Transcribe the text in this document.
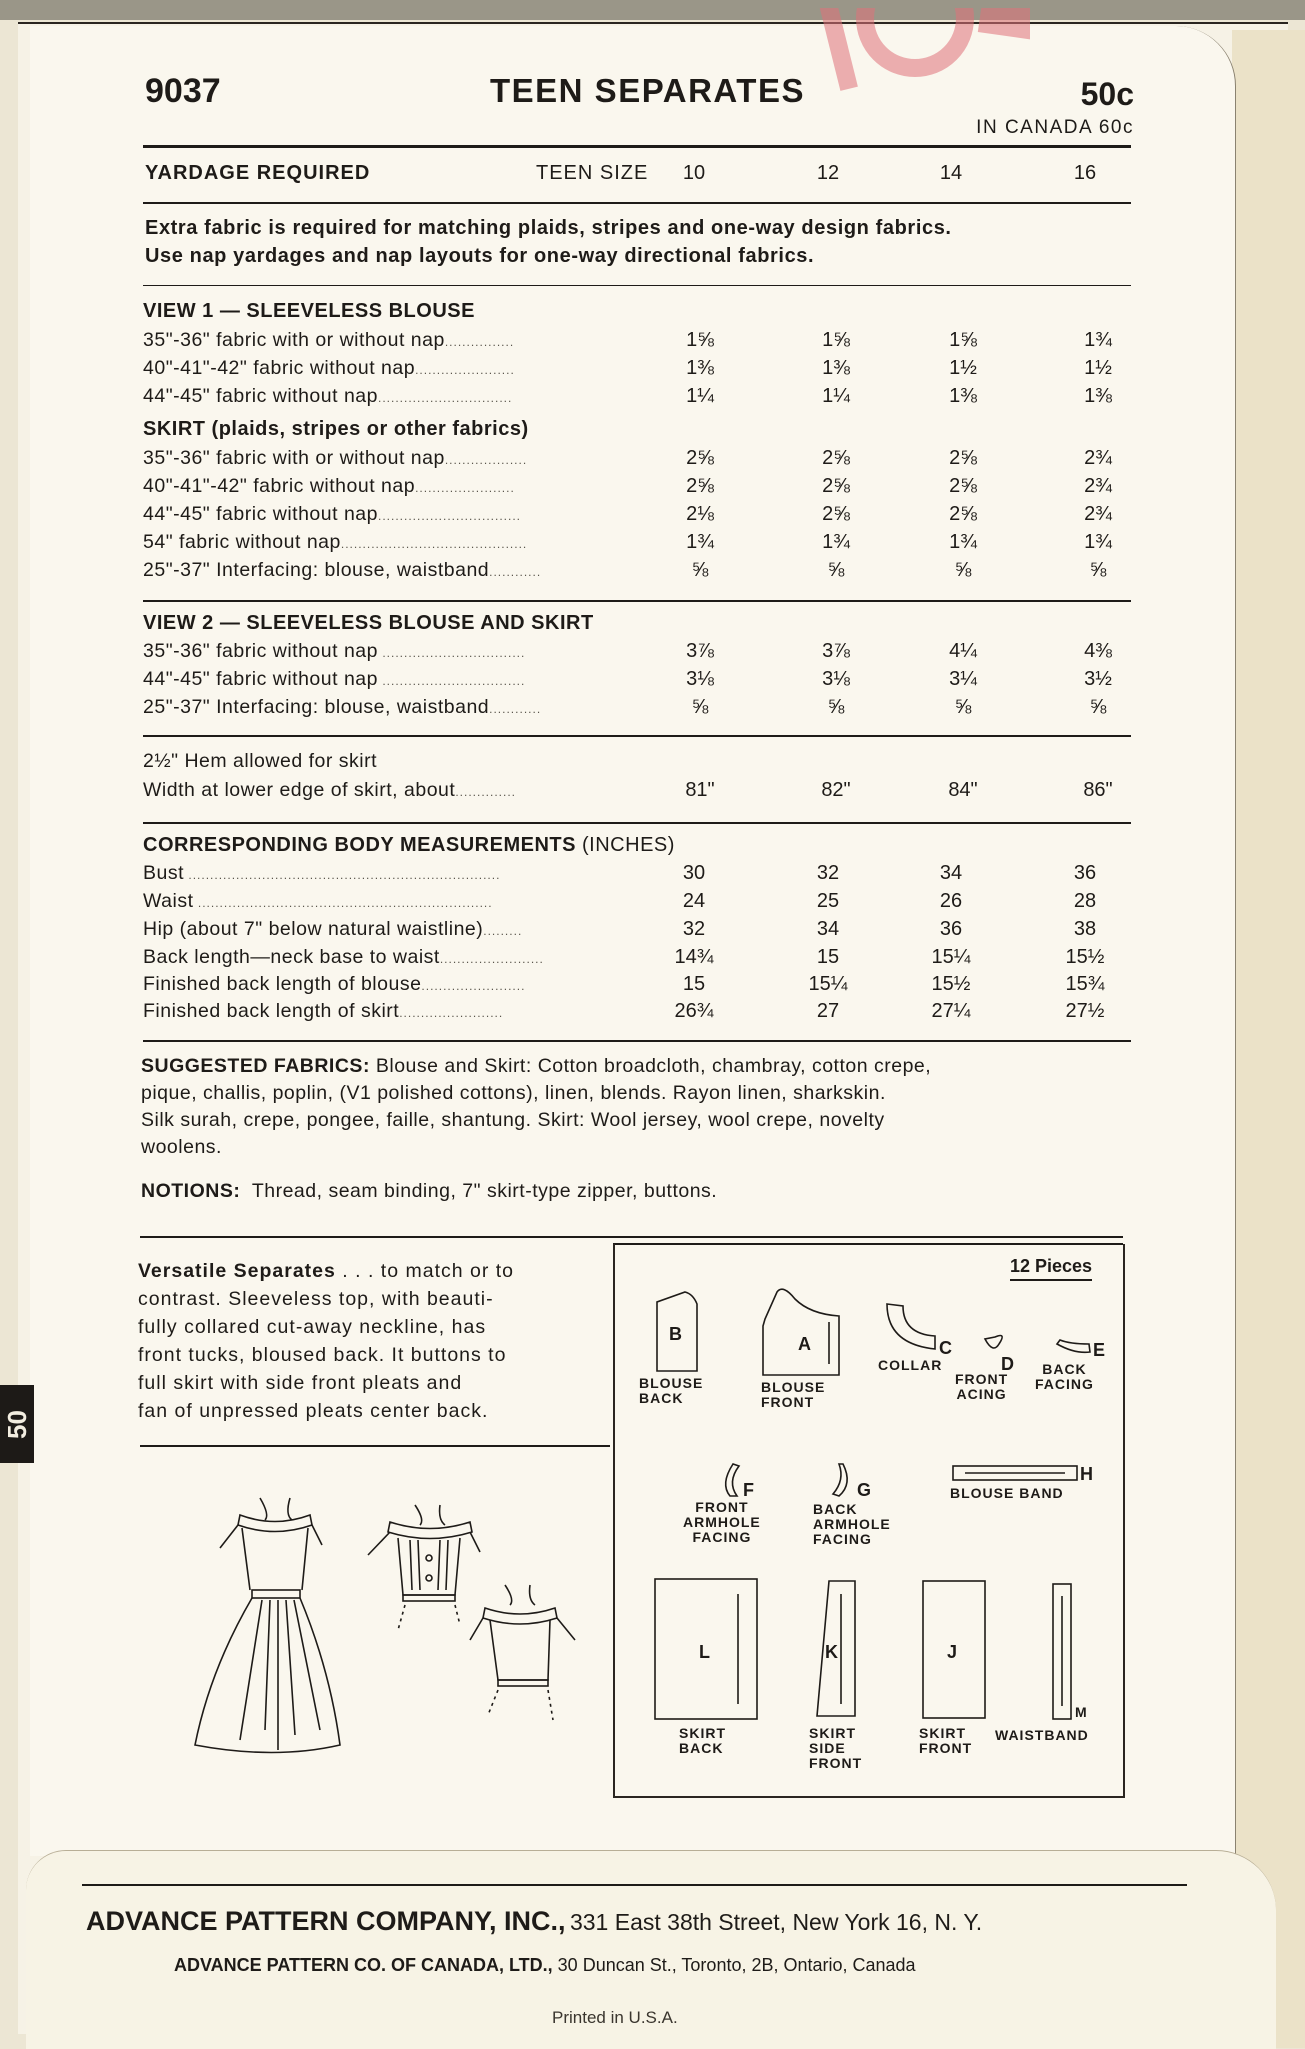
50
9037	TEEN SEPARATES	50c
IN CANADA 60c
YARDAGE REQUIRED	TEEN SIZE	10	12	14	16
Extra fabric is required for matching plaids, stripes and one-way design fabrics.
Use nap yardages and nap layouts for one-way directional fabrics.
VIEW 1 — SLEEVELESS BLOUSE
35"-36" fabric with or without nap................	1⅝	1⅝	1⅝	1¾
40"-41"-42" fabric without nap.......................	1⅜	1⅜	1½	1½
44"-45" fabric without nap...............................	1¼	1¼	1⅜	1⅜
SKIRT (plaids, stripes or other fabrics)
35"-36" fabric with or without nap...................	2⅝	2⅝	2⅝	2¾
40"-41"-42" fabric without nap.......................	2⅝	2⅝	2⅝	2¾
44"-45" fabric without nap.................................	2⅛	2⅝	2⅝	2¾
54" fabric without nap...........................................	1¾	1¾	1¾	1¾
25"-37" Interfacing: blouse, waistband............	⅝	⅝	⅝	⅝
VIEW 2 — SLEEVELESS BLOUSE AND SKIRT
35"-36" fabric without nap .................................	3⅞	3⅞	4¼	4⅜
44"-45" fabric without nap .................................	3⅛	3⅛	3¼	3½
25"-37" Interfacing: blouse, waistband............	⅝	⅝	⅝	⅝
2½" Hem allowed for skirt
Width at lower edge of skirt, about..............	81"	82"	84"	86"
CORRESPONDING BODY MEASUREMENTS (INCHES)
Bust ........................................................................	30	32	34	36
Waist ....................................................................	24	25	26	28
Hip (about 7" below natural waistline).........	32	34	36	38
Back length—neck base to waist........................	14¾	15	15¼	15½
Finished back length of blouse........................	15	15¼	15½	15¾
Finished back length of skirt........................	26¾	27	27¼	27½
SUGGESTED FABRICS: Blouse and Skirt: Cotton broadcloth, chambray, cotton crepe,
pique, challis, poplin, (V1 polished cottons), linen, blends. Rayon linen, sharkskin.
Silk surah, crepe, pongee, faille, shantung. Skirt: Wool jersey, wool crepe, novelty
woolens.
NOTIONS: Thread, seam binding, 7" skirt-type zipper, buttons.
Versatile Separates . . . to match or to
contrast. Sleeveless top, with beauti-
fully collared cut-away neckline, has
front tucks, bloused back. It buttons to
full skirt with side front pleats and
fan of unpressed pleats center back.
12 Pieces
B
BLOUSE
BACK
A
BLOUSE
FRONT
C
COLLAR	D
FRONT
ACING
E
BACK
FACING
F
FRONT
ARMHOLE
FACING
G
BACK
ARMHOLE
FACING
H
BLOUSE BAND
L
SKIRT
BACK
K
SKIRT
SIDE
FRONT
J
SKIRT
FRONT
M
WAISTBAND
ADVANCE PATTERN COMPANY, INC., 331 East 38th Street, New York 16, N. Y.
ADVANCE PATTERN CO. OF CANADA, LTD., 30 Duncan St., Toronto, 2B, Ontario, Canada
Printed in U.S.A.
